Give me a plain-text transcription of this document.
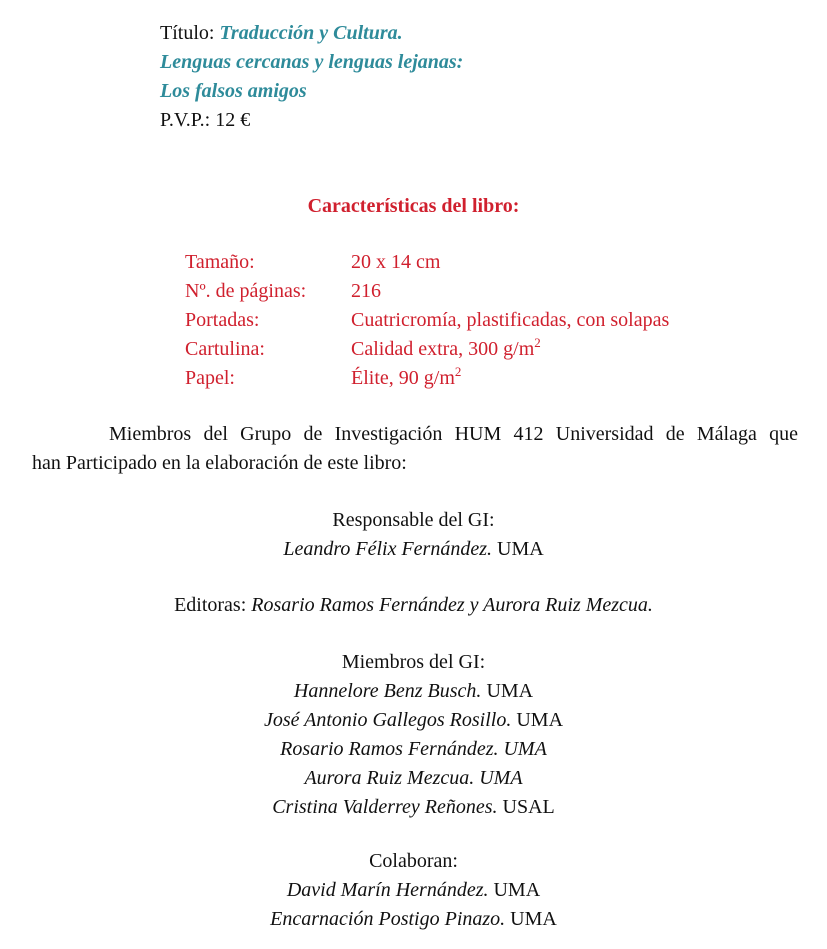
Título: Traducción y Cultura.
Lenguas cercanas y lenguas lejanas:
Los falsos amigos
P.V.P.: 12 €
Características del libro:
Tamaño:	20 x 14 cm
Nº. de páginas: 216
Portadas:	Cuatricromía, plastificadas, con solapas
Cartulina:	Calidad extra, 300 $g/m^2$
Papel:	Élite, 90 $g/m^2$
Miembros del Grupo de Investigación HUM 412 Universidad de Málaga que
han Participado en la elaboración de este libro:
Responsable del GI:
Leandro Félix Fernández. UMA
Editoras: Rosario Ramos Fernández y Aurora Ruiz Mezcua.
Miembros del GI:
Hannelore Benz Busch. UMA
José Antonio Gallegos Rosillo. UMA
Rosario Ramos Fernández. UMA
Aurora Ruiz Mezcua. UMA
Cristina Valderrey Reñones. USAL
Colaboran:
David Marín Hernández. UMA
Encarnación Postigo Pinazo. UMA
